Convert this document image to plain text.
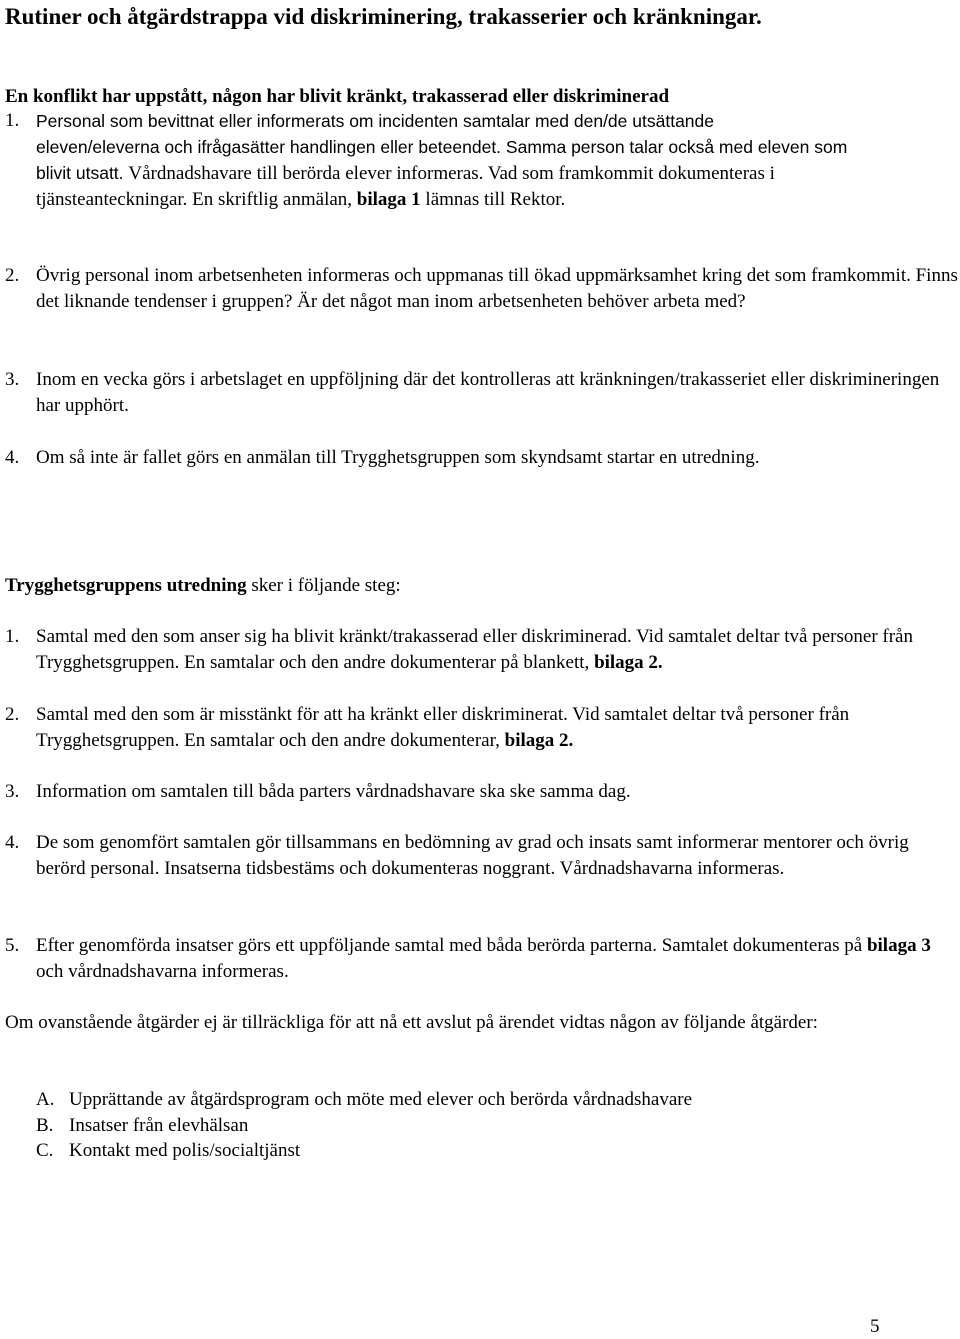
Rutiner och åtgärdstrappa vid diskriminering, trakasserier och kränkningar.
En konflikt har uppstått, någon har blivit kränkt, trakasserad eller diskriminerad
1. Personal som bevittnat eller informerats om incidenten samtalar med den/de utsättande
eleven/eleverna och ifrågasätter handlingen eller beteendet. Samma person talar också med eleven som
blivit utsatt. Vårdnadshavare till berörda elever informeras. Vad som framkommit dokumenteras i
tjänsteanteckningar. En skriftlig anmälan, bilaga 1 lämnas till Rektor.
2. Övrig personal inom arbetsenheten informeras och uppmanas till ökad uppmärksamhet kring det som framkommit. Finns det liknande tendenser i gruppen? Är det något man inom arbetsenheten behöver arbeta med?
3. Inom en vecka görs i arbetslaget en uppföljning där det kontrolleras att kränkningen/trakasseriet eller diskrimineringen har upphört.
4. Om så inte är fallet görs en anmälan till Trygghetsgruppen som skyndsamt startar en utredning.
Trygghetsgruppens utredning sker i följande steg:
1. Samtal med den som anser sig ha blivit kränkt/trakasserad eller diskriminerad. Vid samtalet deltar två personer från Trygghetsgruppen. En samtalar och den andre dokumenterar på blankett, bilaga 2.
2. Samtal med den som är misstänkt för att ha kränkt eller diskriminerat. Vid samtalet deltar två personer från Trygghetsgruppen. En samtalar och den andre dokumenterar, bilaga 2.
3. Information om samtalen till båda parters vårdnadshavare ska ske samma dag.
4. De som genomfört samtalen gör tillsammans en bedömning av grad och insats samt informerar mentorer och övrig berörd personal. Insatserna tidsbestäms och dokumenteras noggrant. Vårdnadshavarna informeras.
5. Efter genomförda insatser görs ett uppföljande samtal med båda berörda parterna. Samtalet dokumenteras på bilaga 3 och vårdnadshavarna informeras.
Om ovanstående åtgärder ej är tillräckliga för att nå ett avslut på ärendet vidtas någon av följande åtgärder:
A. Upprättande av åtgärdsprogram och möte med elever och berörda vårdnadshavare
B. Insatser från elevhälsan
C. Kontakt med polis/socialtjänst
5
